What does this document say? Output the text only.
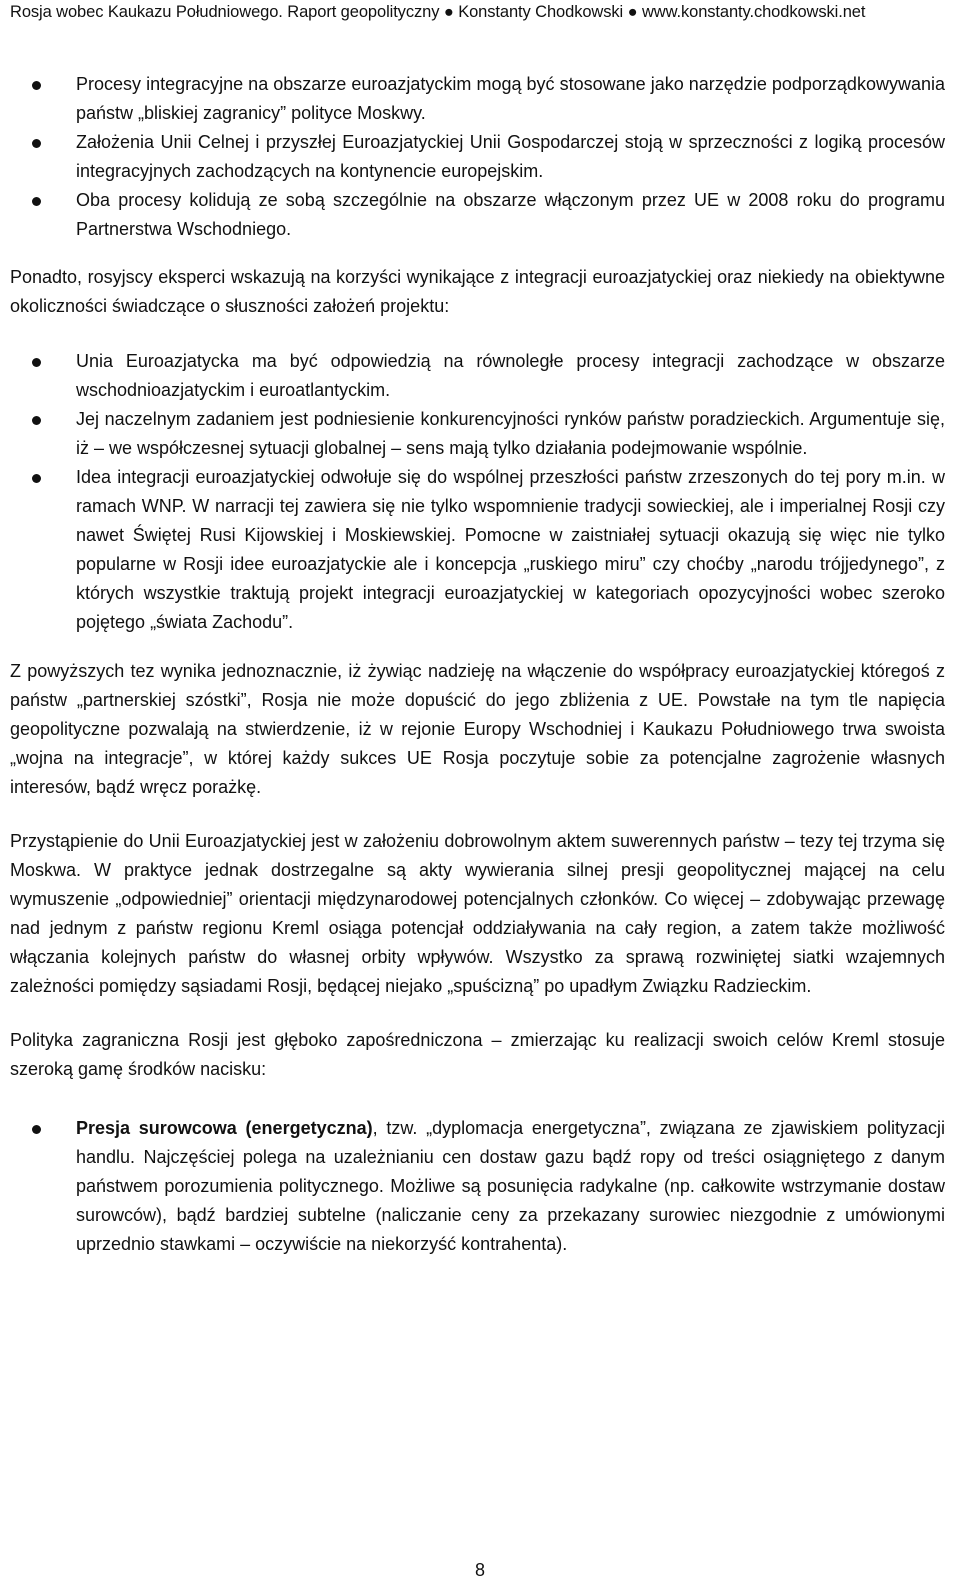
Rosja wobec Kaukazu Południowego. Raport geopolityczny ● Konstanty Chodkowski ● www.konstanty.chodkowski.net
Procesy integracyjne na obszarze euroazjatyckim mogą być stosowane jako narzędzie podporządkowywania państw „bliskiej zagranicy” polityce Moskwy.
Założenia Unii Celnej i przyszłej Euroazjatyckiej Unii Gospodarczej stoją w sprzeczności z logiką procesów integracyjnych zachodzących na kontynencie europejskim.
Oba procesy kolidują ze sobą szczególnie na obszarze włączonym przez UE w 2008 roku do programu Partnerstwa Wschodniego.

Ponadto, rosyjscy eksperci wskazują na korzyści wynikające z integracji euroazjatyckiej oraz niekiedy na obiektywne okoliczności świadczące o słuszności założeń projektu:

Unia Euroazjatycka ma być odpowiedzią na równoległe procesy integracji zachodzące w obszarze wschodnioazjatyckim i euroatlantyckim.
Jej naczelnym zadaniem jest podniesienie konkurencyjności rynków państw poradzieckich. Argumentuje się, iż – we współczesnej sytuacji globalnej – sens mają tylko działania podejmowanie wspólnie.
Idea integracji euroazjatyckiej odwołuje się do wspólnej przeszłości państw zrzeszonych do tej pory m.in. w ramach WNP. W narracji tej zawiera się nie tylko wspomnienie tradycji sowieckiej, ale i imperialnej Rosji czy nawet Świętej Rusi Kijowskiej i Moskiewskiej. Pomocne w zaistniałej sytuacji okazują się więc nie tylko popularne w Rosji idee euroazjatyckie ale i koncepcja „ruskiego miru” czy choćby „narodu trójjedynego”, z których wszystkie traktują projekt integracji euroazjatyckiej w kategoriach opozycyjności wobec szeroko pojętego „świata Zachodu”.

Z powyższych tez wynika jednoznacznie, iż żywiąc nadzieję na włączenie do współpracy euroazjatyckiej któregoś z państw „partnerskiej szóstki”, Rosja nie może dopuścić do jego zbliżenia z UE. Powstałe na tym tle napięcia geopolityczne pozwalają na stwierdzenie, iż w rejonie Europy Wschodniej i Kaukazu Południowego trwa swoista „wojna na integracje”, w której każdy sukces UE Rosja poczytuje sobie za potencjalne zagrożenie własnych interesów, bądź wręcz porażkę.

Przystąpienie do Unii Euroazjatyckiej jest w założeniu dobrowolnym aktem suwerennych państw – tezy tej trzyma się Moskwa. W praktyce jednak dostrzegalne są akty wywierania silnej presji geopolitycznej mającej na celu wymuszenie „odpowiedniej” orientacji międzynarodowej potencjalnych członków. Co więcej – zdobywając przewagę nad jednym z państw regionu Kreml osiąga potencjał oddziaływania na cały region, a zatem także możliwość włączania kolejnych państw do własnej orbity wpływów. Wszystko za sprawą rozwiniętej siatki wzajemnych zależności pomiędzy sąsiadami Rosji, będącej niejako „spuścizną” po upadłym Związku Radzieckim.

Polityka zagraniczna Rosji jest głęboko zapośredniczona – zmierzając ku realizacji swoich celów Kreml stosuje szeroką gamę środków nacisku:

Presja surowcowa (energetyczna), tzw. „dyplomacja energetyczna”, związana ze zjawiskiem polityzacji handlu. Najczęściej polega na uzależnianiu cen dostaw gazu bądź ropy od treści osiągniętego z danym państwem porozumienia politycznego. Możliwe są posunięcia radykalne (np. całkowite wstrzymanie dostaw surowców), bądź bardziej subtelne (naliczanie ceny za przekazany surowiec niezgodnie z umówionymi uprzednio stawkami – oczywiście na niekorzyść kontrahenta).
8
